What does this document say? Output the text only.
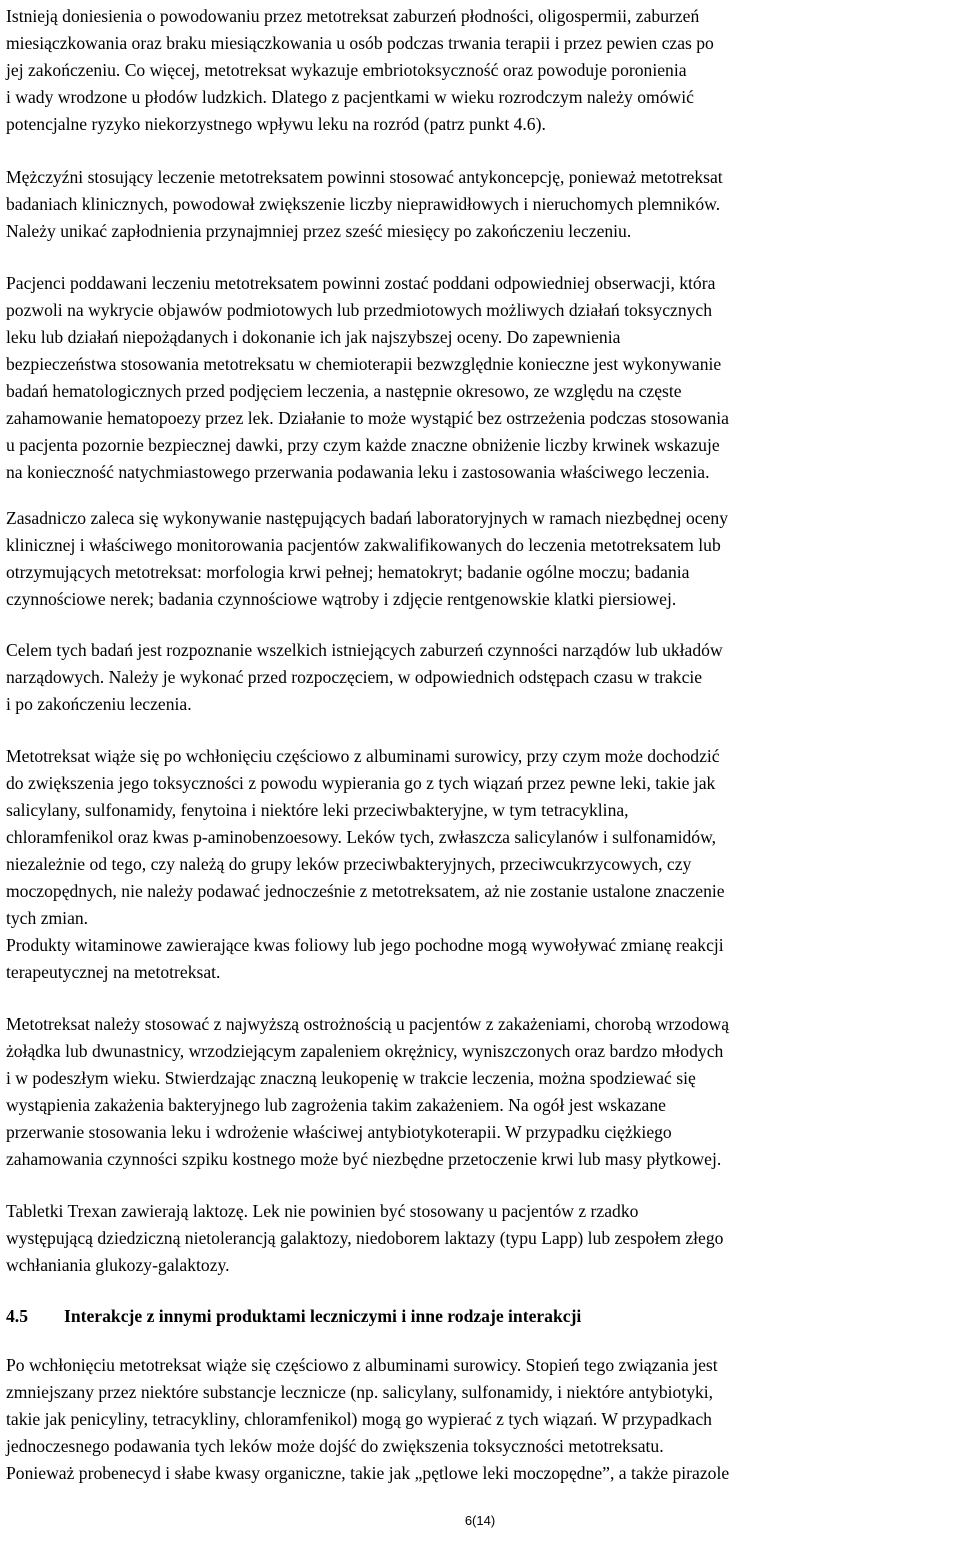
Istnieją doniesienia o powodowaniu przez metotreksat zaburzeń płodności, oligospermii, zaburzeń
miesiączkowania oraz braku miesiączkowania u osób podczas trwania terapii i przez pewien czas po
jej zakończeniu. Co więcej, metotreksat wykazuje embriotoksyczność oraz powoduje poronienia
i wady wrodzone u płodów ludzkich. Dlatego z pacjentkami w wieku rozrodczym należy omówić
potencjalne ryzyko niekorzystnego wpływu leku na rozród (patrz punkt 4.6).

Mężczyźni stosujący leczenie metotreksatem powinni stosować antykoncepcję, ponieważ metotreksat
badaniach klinicznych, powodował zwiększenie liczby nieprawidłowych i nieruchomych plemników.
Należy unikać zapłodnienia przynajmniej przez sześć miesięcy po zakończeniu leczeniu.

Pacjenci poddawani leczeniu metotreksatem powinni zostać poddani odpowiedniej obserwacji, która
pozwoli na wykrycie objawów podmiotowych lub przedmiotowych możliwych działań toksycznych
leku lub działań niepożądanych i dokonanie ich jak najszybszej oceny. Do zapewnienia
bezpieczeństwa stosowania metotreksatu w chemioterapii bezwzględnie konieczne jest wykonywanie
badań hematologicznych przed podjęciem leczenia, a następnie okresowo, ze względu na częste
zahamowanie hematopoezy przez lek. Działanie to może wystąpić bez ostrzeżenia podczas stosowania
u pacjenta pozornie bezpiecznej dawki, przy czym każde znaczne obniżenie liczby krwinek wskazuje
na konieczność natychmiastowego przerwania podawania leku i zastosowania właściwego leczenia.

Zasadniczo zaleca się wykonywanie następujących badań laboratoryjnych w ramach niezbędnej oceny
klinicznej i właściwego monitorowania pacjentów zakwalifikowanych do leczenia metotreksatem lub
otrzymujących metotreksat: morfologia krwi pełnej; hematokryt; badanie ogólne moczu; badania
czynnościowe nerek; badania czynnościowe wątroby i zdjęcie rentgenowskie klatki piersiowej.

Celem tych badań jest rozpoznanie wszelkich istniejących zaburzeń czynności narządów lub układów
narządowych. Należy je wykonać przed rozpoczęciem, w odpowiednich odstępach czasu w trakcie
i po zakończeniu leczenia.

Metotreksat wiąże się po wchłonięciu częściowo z albuminami surowicy, przy czym może dochodzić
do zwiększenia jego toksyczności z powodu wypierania go z tych wiązań przez pewne leki, takie jak
salicylany, sulfonamidy, fenytoina i niektóre leki przeciwbakteryjne, w tym tetracyklina,
chloramfenikol oraz kwas p-aminobenzoesowy. Leków tych, zwłaszcza salicylanów i sulfonamidów,
niezależnie od tego, czy należą do grupy leków przeciwbakteryjnych, przeciwcukrzycowych, czy
moczopędnych, nie należy podawać jednocześnie z metotreksatem, aż nie zostanie ustalone znaczenie
tych zmian.
Produkty witaminowe zawierające kwas foliowy lub jego pochodne mogą wywoływać zmianę reakcji
terapeutycznej na metotreksat.

Metotreksat należy stosować z najwyższą ostrożnością u pacjentów z zakażeniami, chorobą wrzodową
żołądka lub dwunastnicy, wrzodziejącym zapaleniem okrężnicy, wyniszczonych oraz bardzo młodych
i w podeszłym wieku. Stwierdzając znaczną leukopenię w trakcie leczenia, można spodziewać się
wystąpienia zakażenia bakteryjnego lub zagrożenia takim zakażeniem. Na ogół jest wskazane
przerwanie stosowania leku i wdrożenie właściwej antybiotykoterapii. W przypadku ciężkiego
zahamowania czynności szpiku kostnego może być niezbędne przetoczenie krwi lub masy płytkowej.

Tabletki Trexan zawierają laktozę. Lek nie powinien być stosowany u pacjentów z rzadko
występującą dziedziczną nietolerancją galaktozy, niedoborem laktazy (typu Lapp) lub zespołem złego
wchłaniania glukozy-galaktozy.

4.5 Interakcje z innymi produktami leczniczymi i inne rodzaje interakcji

Po wchłonięciu metotreksat wiąże się częściowo z albuminami surowicy. Stopień tego związania jest
zmniejszany przez niektóre substancje lecznicze (np. salicylany, sulfonamidy, i niektóre antybiotyki,
takie jak penicyliny, tetracykliny, chloramfenikol) mogą go wypierać z tych wiązań. W przypadkach
jednoczesnego podawania tych leków może dojść do zwiększenia toksyczności metotreksatu.
Ponieważ probenecyd i słabe kwasy organiczne, takie jak „pętlowe leki moczopędne”, a także pirazole

6(14)
